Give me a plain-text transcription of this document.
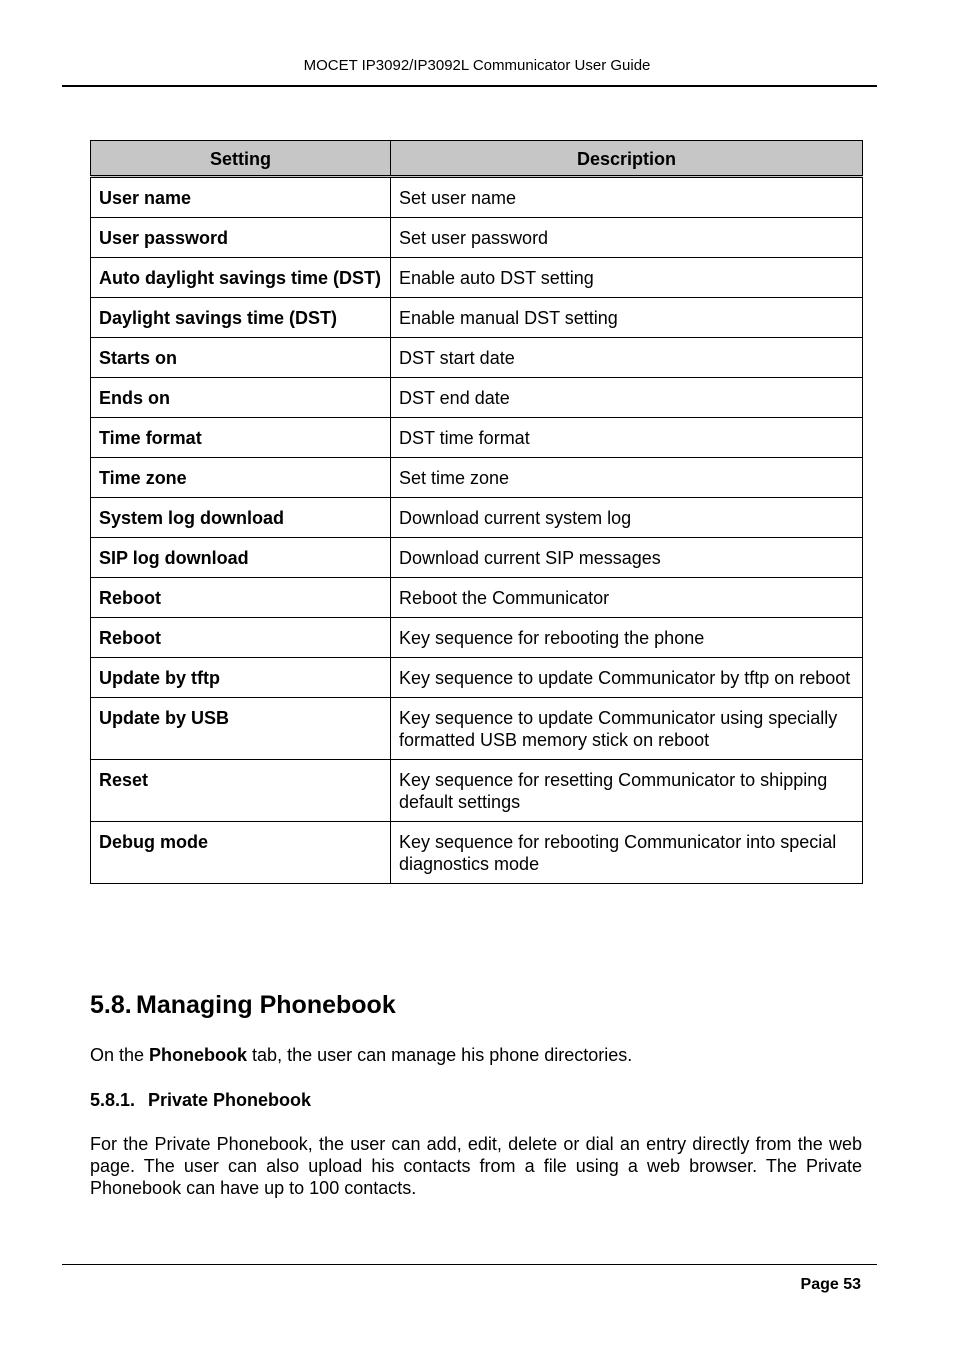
MOCET IP3092/IP3092L Communicator User Guide
Setting	Description
User name	Set user name
User password	Set user password
Auto daylight savings time (DST)	Enable auto DST setting
Daylight savings time (DST)	Enable manual DST setting
Starts on	DST start date
Ends on	DST end date
Time format	DST time format
Time zone	Set time zone
System log download	Download current system log
SIP log download	Download current SIP messages
Reboot	Reboot the Communicator
Reboot	Key sequence for rebooting the phone
Update by tftp	Key sequence to update Communicator by tftp on reboot
Update by USB	Key sequence to update Communicator using specially formatted USB memory stick on reboot
Reset	Key sequence for resetting Communicator to shipping default settings
Debug mode	Key sequence for rebooting Communicator into special diagnostics mode
5.8. Managing Phonebook
On the Phonebook tab, the user can manage his phone directories.
5.8.1. Private Phonebook
For the Private Phonebook, the user can add, edit, delete or dial an entry directly from the web page. The user can also upload his contacts from a file using a web browser. The Private Phonebook can have up to 100 contacts.
Page 53
